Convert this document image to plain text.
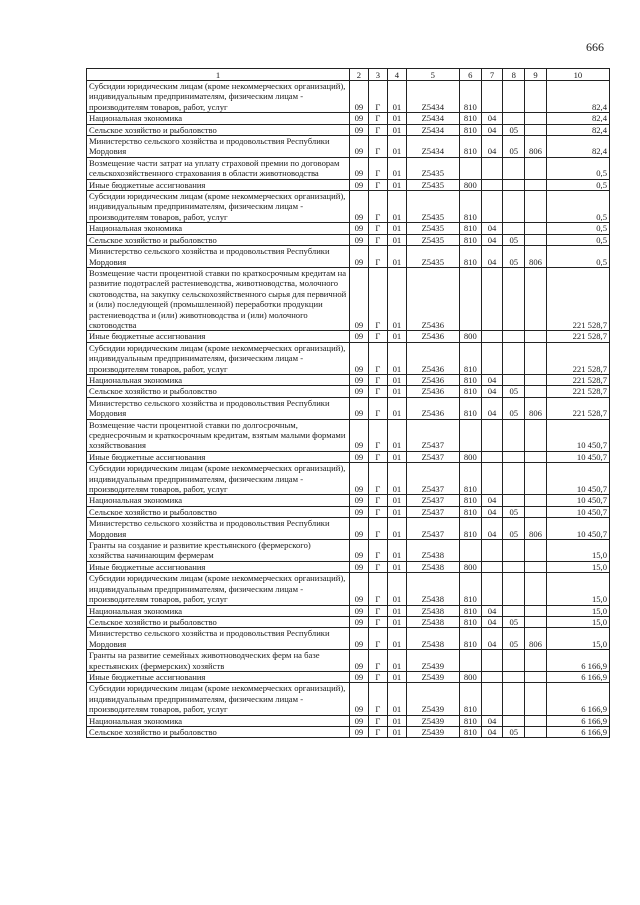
666
1	2	3	4	5	6	7	8	9	10
Субсидии юридическим лицам (кроме некоммерческих организаций), индивидуальным предпринимателям, физическим лицам - производителям товаров, работ, услуг	09	Г	01	Z5434	810				82,4
Национальная экономика	09	Г	01	Z5434	810	04			82,4
Сельское хозяйство и рыболовство	09	Г	01	Z5434	810	04	05		82,4
Министерство сельского хозяйства и продовольствия Республики Мордовия	09	Г	01	Z5434	810	04	05	806	82,4
Возмещение части затрат на уплату страховой премии по договорам сельскохозяйственного страхования в области животноводства	09	Г	01	Z5435					0,5
Иные бюджетные ассигнования	09	Г	01	Z5435	800				0,5
Субсидии юридическим лицам (кроме некоммерческих организаций), индивидуальным предпринимателям, физическим лицам - производителям товаров, работ, услуг	09	Г	01	Z5435	810				0,5
Национальная экономика	09	Г	01	Z5435	810	04			0,5
Сельское хозяйство и рыболовство	09	Г	01	Z5435	810	04	05		0,5
Министерство сельского хозяйства и продовольствия Республики Мордовия	09	Г	01	Z5435	810	04	05	806	0,5
Возмещение части процентной ставки по краткосрочным кредитам на развитие подотраслей растениеводства, животноводства, молочного скотоводства, на закупку сельскохозяйственного сырья для первичной и (или) последующей (промышленной) переработки продукции растениеводства и (или) животноводства и (или) молочного скотоводства	09	Г	01	Z5436					221 528,7
Иные бюджетные ассигнования	09	Г	01	Z5436	800				221 528,7
Субсидии юридическим лицам (кроме некоммерческих организаций), индивидуальным предпринимателям, физическим лицам - производителям товаров, работ, услуг	09	Г	01	Z5436	810				221 528,7
Национальная экономика	09	Г	01	Z5436	810	04			221 528,7
Сельское хозяйство и рыболовство	09	Г	01	Z5436	810	04	05		221 528,7
Министерство сельского хозяйства и продовольствия Республики Мордовия	09	Г	01	Z5436	810	04	05	806	221 528,7
Возмещение части процентной ставки по долгосрочным, среднесрочным и краткосрочным кредитам, взятым малыми формами хозяйствования	09	Г	01	Z5437					10 450,7
Иные бюджетные ассигнования	09	Г	01	Z5437	800				10 450,7
Субсидии юридическим лицам (кроме некоммерческих организаций), индивидуальным предпринимателям, физическим лицам - производителям товаров, работ, услуг	09	Г	01	Z5437	810				10 450,7
Национальная экономика	09	Г	01	Z5437	810	04			10 450,7
Сельское хозяйство и рыболовство	09	Г	01	Z5437	810	04	05		10 450,7
Министерство сельского хозяйства и продовольствия Республики Мордовия	09	Г	01	Z5437	810	04	05	806	10 450,7
Гранты на создание и развитие крестьянского (фермерского) хозяйства начинающим фермерам	09	Г	01	Z5438					15,0
Иные бюджетные ассигнования	09	Г	01	Z5438	800				15,0
Субсидии юридическим лицам (кроме некоммерческих организаций), индивидуальным предпринимателям, физическим лицам - производителям товаров, работ, услуг	09	Г	01	Z5438	810				15,0
Национальная экономика	09	Г	01	Z5438	810	04			15,0
Сельское хозяйство и рыболовство	09	Г	01	Z5438	810	04	05		15,0
Министерство сельского хозяйства и продовольствия Республики Мордовия	09	Г	01	Z5438	810	04	05	806	15,0
Гранты на развитие семейных животноводческих ферм на базе крестьянских (фермерских) хозяйств	09	Г	01	Z5439					6 166,9
Иные бюджетные ассигнования	09	Г	01	Z5439	800				6 166,9
Субсидии юридическим лицам (кроме некоммерческих организаций), индивидуальным предпринимателям, физическим лицам - производителям товаров, работ, услуг	09	Г	01	Z5439	810				6 166,9
Национальная экономика	09	Г	01	Z5439	810	04			6 166,9
Сельское хозяйство и рыболовство	09	Г	01	Z5439	810	04	05		6 166,9
